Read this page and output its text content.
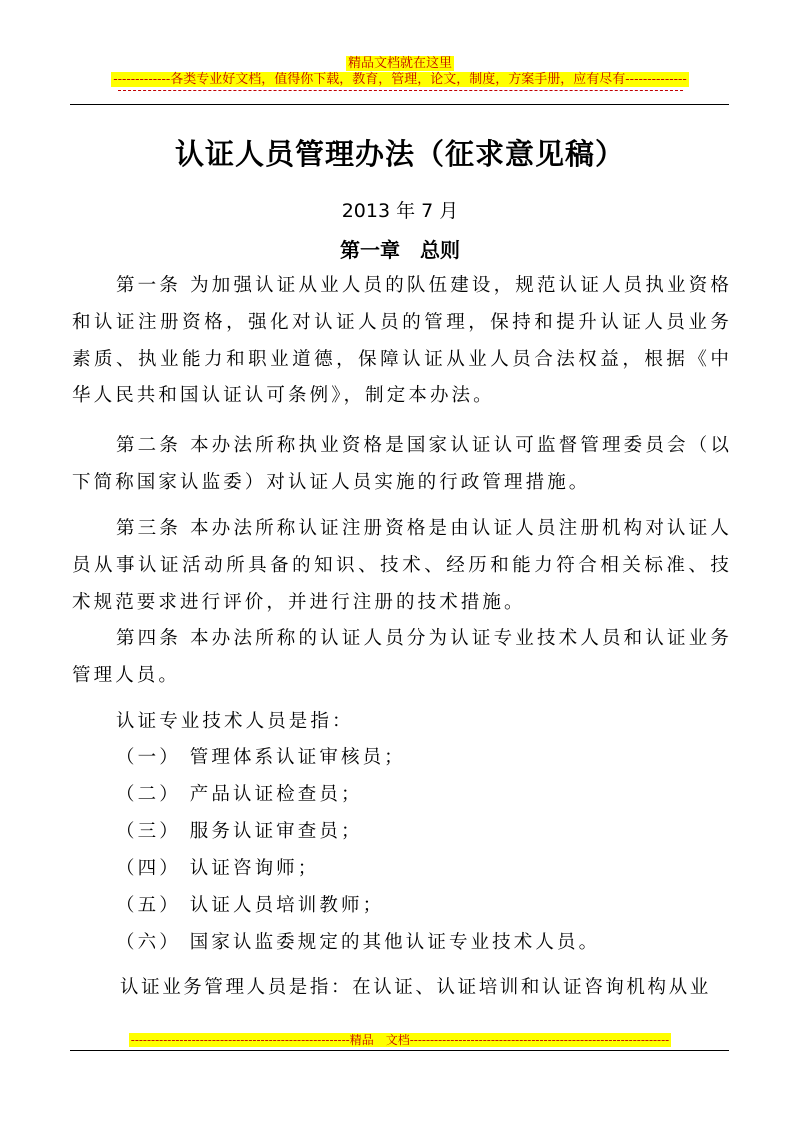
精品文档就在这里
-------------各类专业好文档，值得你下载，教育，管理，论文，制度，方案手册，应有尽有--------------
认证人员管理办法（征求意见稿）
2013 年 7 月
第一章　总则
第一条 为加强认证从业人员的队伍建设，规范认证人员执业资格和认证注册资格，强化对认证人员的管理，保持和提升认证人员业务素质、执业能力和职业道德，保障认证从业人员合法权益，根据《中华人民共和国认证认可条例》，制定本办法。
第二条 本办法所称执业资格是国家认证认可监督管理委员会（以下简称国家认监委）对认证人员实施的行政管理措施。
第三条 本办法所称认证注册资格是由认证人员注册机构对认证人员从事认证活动所具备的知识、技术、经历和能力符合相关标准、技术规范要求进行评价，并进行注册的技术措施。
第四条 本办法所称的认证人员分为认证专业技术人员和认证业务管理人员。
认证专业技术人员是指：
（一） 管理体系认证审核员；
（二） 产品认证检查员；
（三） 服务认证审查员；
（四） 认证咨询师；
（五） 认证人员培训教师；
（六） 国家认监委规定的其他认证专业技术人员。
认证业务管理人员是指：在认证、认证培训和认证咨询机构从业
------------------------------------------------------精品　文档----------------------------------------------------------------
